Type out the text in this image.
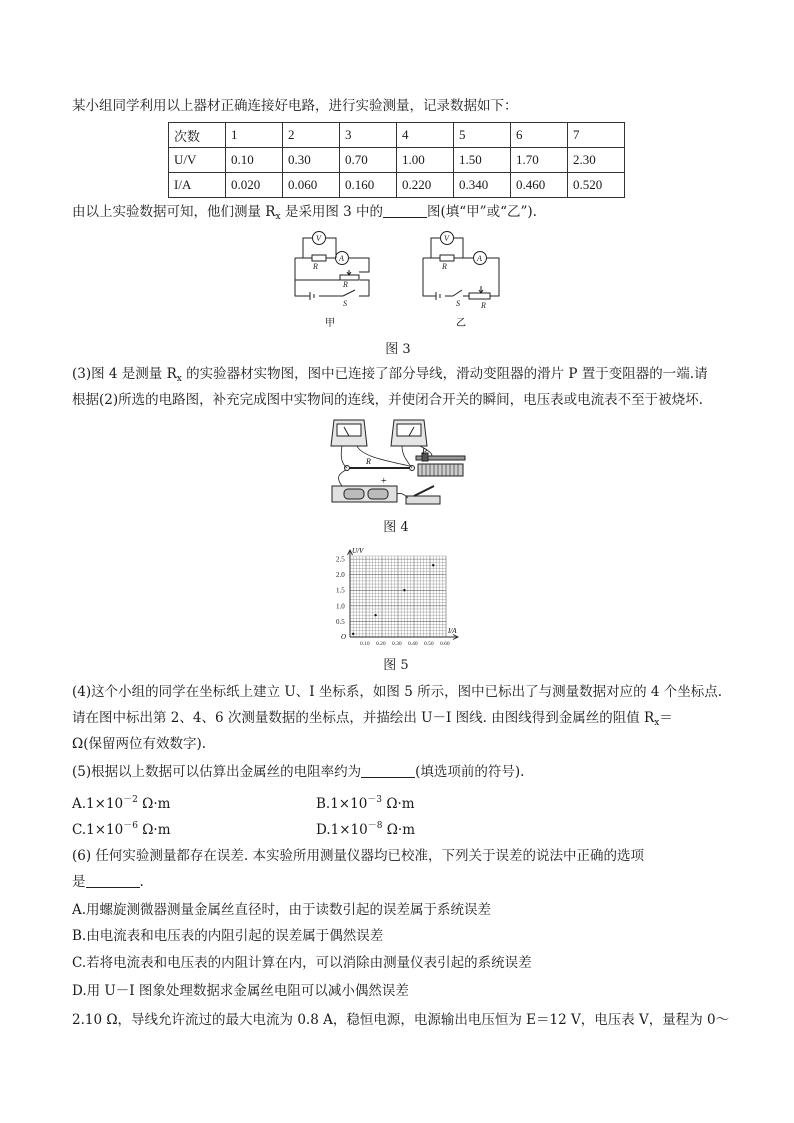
某小组同学利用以上器材正确连接好电路，进行实验测量，记录数据如下：
次数	1	2	3	4	5	6	7
U/V	0.10	0.30	0.70	1.00	1.50	1.70	2.30
I/A	0.020	0.060	0.160	0.220	0.340	0.460	0.520
由以上实验数据可知，他们测量 $R_x$ 是采用图 3 中的	图(填“甲”或“乙”).
V
A
R
R
S
V
A
R
S	R
甲	乙
图 3
(3)图 4 是测量 $R_x$ 的实验器材实物图，图中已连接了部分导线，滑动变阻器的滑片 P 置于变阻器的一端.请
根据(2)所选的电路图，补充完成图中实物间的连线，并使闭合开关的瞬间，电压表或电流表不至于被烧坏.
R
P
+
图 4
0.5
1.0
1.5
2.0
2.5
0.10 0.20 0.30 0.40 0.50 0.60
U/V
I/A
O
图 5
(4)这个小组的同学在坐标纸上建立 U、I 坐标系，如图 5 所示，图中已标出了与测量数据对应的 4 个坐标点.
请在图中标出第 2、4、6 次测量数据的坐标点，并描绘出 U－I 图线. 由图线得到金属丝的阻值 $R_x=$
Ω(保留两位有效数字).
(5)根据以上数据可以估算出金属丝的电阻率约为	(填选项前的符号).
$A.1\times 10^{-2}$ Ω·m	$B.1\times 10^{-3}$ Ω·m
$C.1\times 10^{-6}$ Ω·m	$D.1\times 10^{-8}$ Ω·m
(6) 任何实验测量都存在误差. 本实验所用测量仪器均已校准，下列关于误差的说法中正确的选项
是	.
A.用螺旋测微器测量金属丝直径时，由于读数引起的误差属于系统误差
B.由电流表和电压表的内阻引起的误差属于偶然误差
C.若将电流表和电压表的内阻计算在内，可以消除由测量仪表引起的系统误差
D.用 U－I 图象处理数据求金属丝电阻可以减小偶然误差
2.10 Ω，导线允许流过的最大电流为 0.8 A，稳恒电源，电源输出电压恒为 E＝12 V，电压表 V，量程为 0～
